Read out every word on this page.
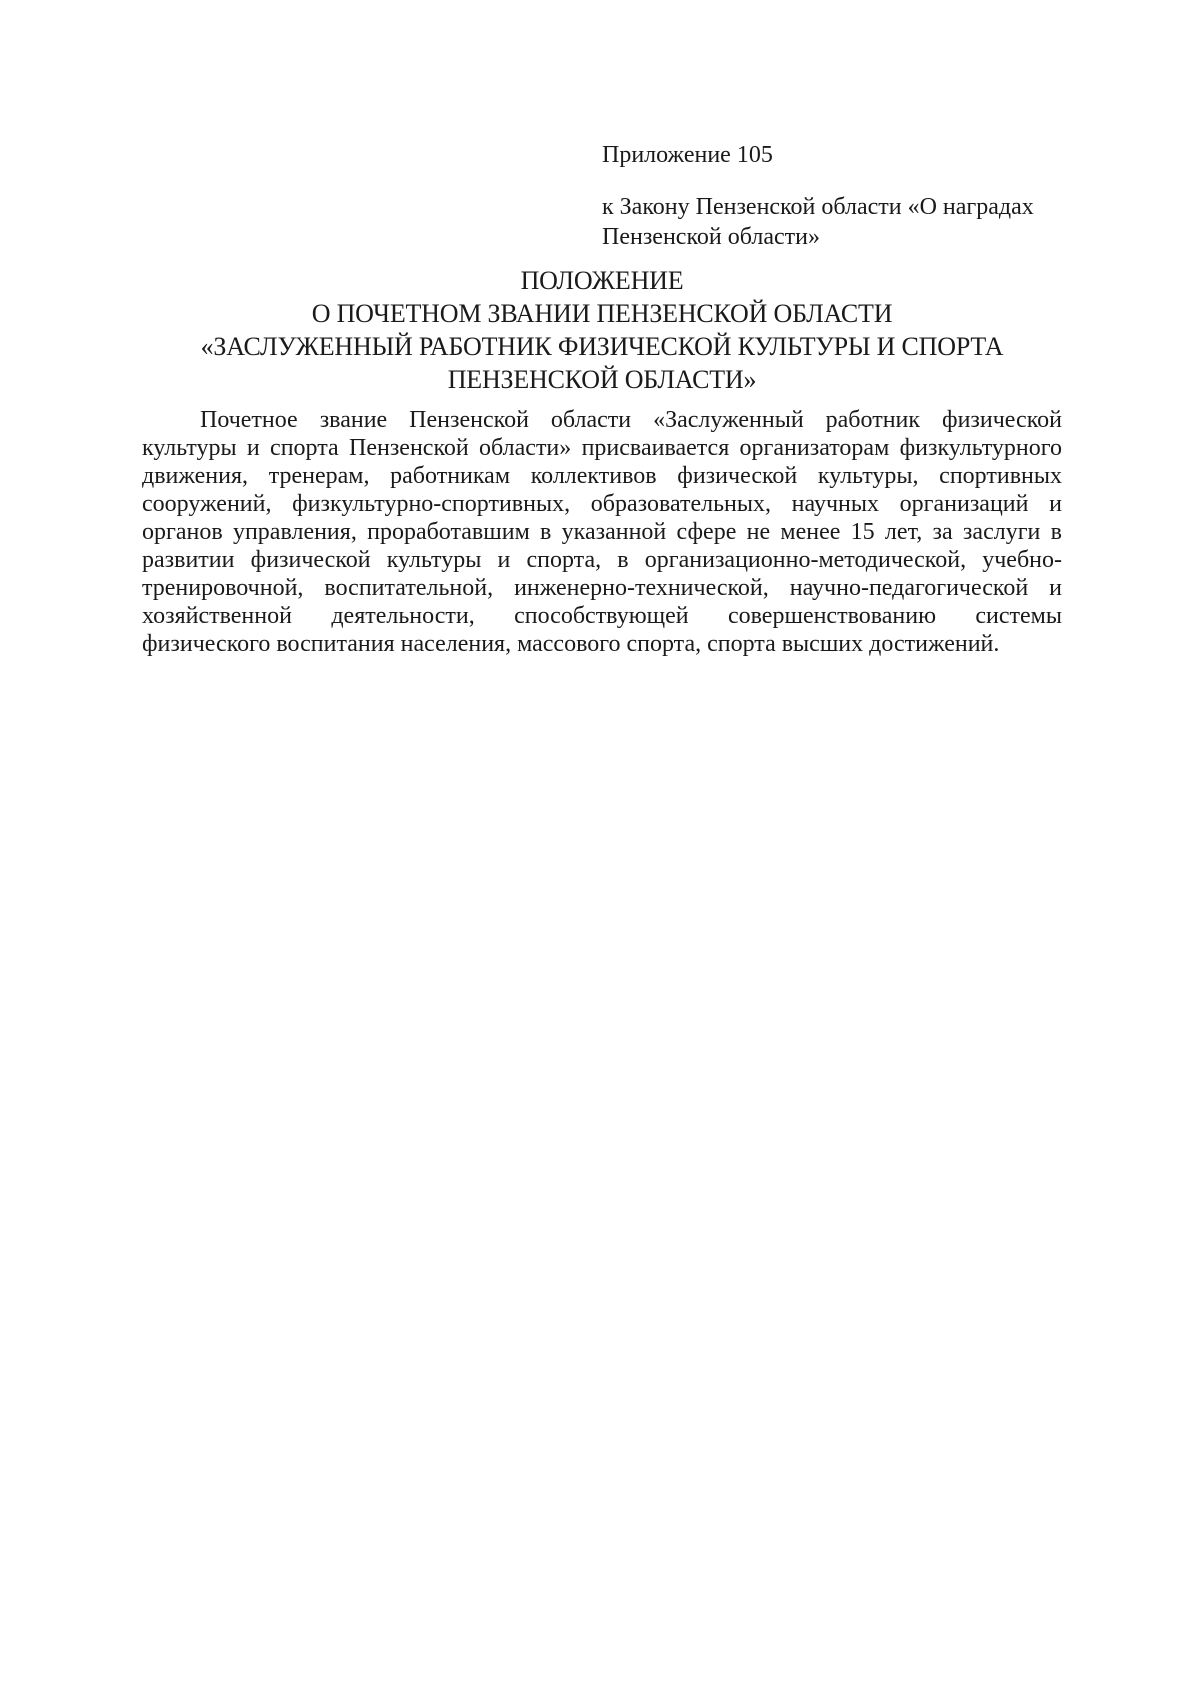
Приложение 105

к Закону Пензенской области «О наградах Пензенской области»

ПОЛОЖЕНИЕ
О ПОЧЕТНОМ ЗВАНИИ ПЕНЗЕНСКОЙ ОБЛАСТИ
«ЗАСЛУЖЕННЫЙ РАБОТНИК ФИЗИЧЕСКОЙ КУЛЬТУРЫ И СПОРТА
ПЕНЗЕНСКОЙ ОБЛАСТИ»

Почетное звание Пензенской области «Заслуженный работник физической культуры и спорта Пензенской области» присваивается организаторам физкультурного движения, тренерам, работникам коллективов физической культуры, спортивных сооружений, физкультурно-спортивных, образовательных, научных организаций и органов управления, проработавшим в указанной сфере не менее 15 лет, за заслуги в развитии физической культуры и спорта, в организационно-методической, учебно-тренировочной, воспитательной, инженерно-технической, научно-педагогической и хозяйственной деятельности, способствующей совершенствованию системы физического воспитания населения, массового спорта, спорта высших достижений.
